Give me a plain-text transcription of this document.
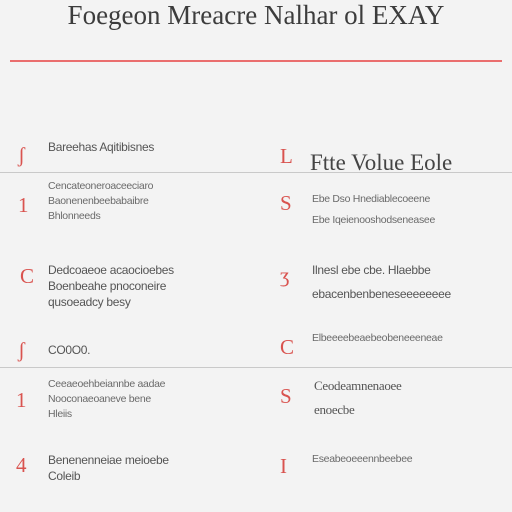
Foegeon Mreacre Nalhar ol EXAY
L Ftte Volue Eole
ʃ Bareehas Aqitibisnes
1
Cencateoneroaceeciaro
Baonenenbeebabaibre
Bhlonneeds
C Dedcoaeoe acaocioebes
Boenbeahe pnoconeire
qusoeadcy besy
ʃ CO0O0.
1
Ceeaeoehbeiannbe aadae
Nooconaeoaneve bene
Hleiis
4 Benenenneiae meioebe
Coleib
S Ebe Dso Hnediablecoeene
Ebe Iqeienooshodseneasee
ʒ Ilnesl ebe cbe. Hlaebbe
ebacenbenbeneseeeeeeee
C Elbeeeebeaebeobeneeeneae
S Ceodeamnenaoee
enoecbe
I Eseabeoeeennbeebee
